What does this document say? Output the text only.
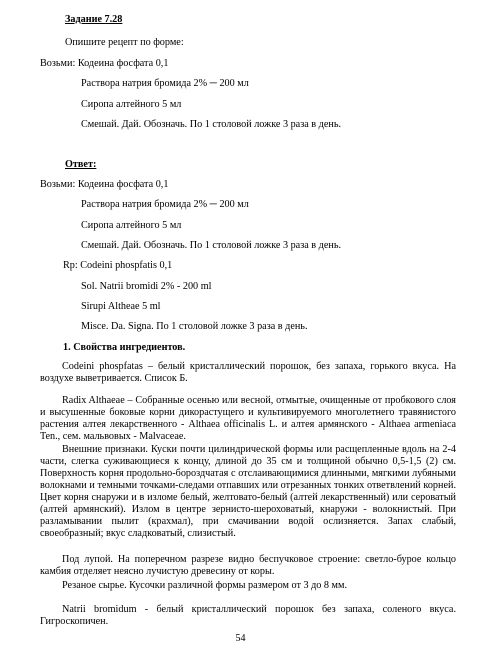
Задание 7.28
Опишите рецепт по форме:
Возьми: Кодеина фосфата 0,1
Раствора натрия бромида 2% ─ 200 мл
Сиропа алтейного 5 мл
Смешай. Дай. Обозначь. По 1 столовой ложке 3 раза в день.
Ответ:
Возьми: Кодеина фосфата 0,1
Раствора натрия бромида 2% ─ 200 мл
Сиропа алтейного 5 мл
Смешай. Дай. Обозначь. По 1 столовой ложке 3 раза в день.
Rp: Codeini phospfatis 0,1
Sol. Natrii bromidi 2% - 200 ml
Sirupi Altheae 5 ml
Misce. Da. Signa. По 1 столовой ложке 3 раза в день.
1. Свойства ингредиентов.
Codeini phospfatas – белый кристаллический порошок, без запаха, горького вкуса. На воздухе выветривается. Список Б.
Radix Althaeae – Собранные осенью или весной, отмытые, очищенные от пробкового слоя и высушенные боковые корни дикорастущего и культивируемого многолетнего травянистого растения алтея лекарственного - Althaea officinalis L. и алтея армянского - Althaea armeniaca Ten., сем. мальвовых - Malvaceae.
Внешние признаки. Куски почти цилиндрической формы или расщепленные вдоль на 2-4 части, слегка суживающиеся к концу, длиной до 35 см и толщиной обычно 0,5-1,5 (2) см. Поверхность корня продольно-бороздчатая с отслаивающимися длинными, мягкими лубяными волокнами и темными точками-следами отпавших или отрезанных тонких ответвлений корней. Цвет корня снаружи и в изломе белый, желтовато-белый (алтей лекарственный) или сероватый (алтей армянский). Излом в центре зернисто-шероховатый, кнаружи - волокнистый. При разламывании пылит (крахмал), при смачивании водой ослизняется. Запах слабый, своеобразный; вкус сладковатый, слизистый.
Под лупой. На поперечном разрезе видно беспучковое строение: светло-бурое кольцо камбия отделяет неясно лучистую древесину от коры.
Резаное сырье. Кусочки различной формы размером от 3 до 8 мм.
Natrii bromidum - белый кристаллический порошок без запаха, соленого вкуса. Гигроскопичен.
54
